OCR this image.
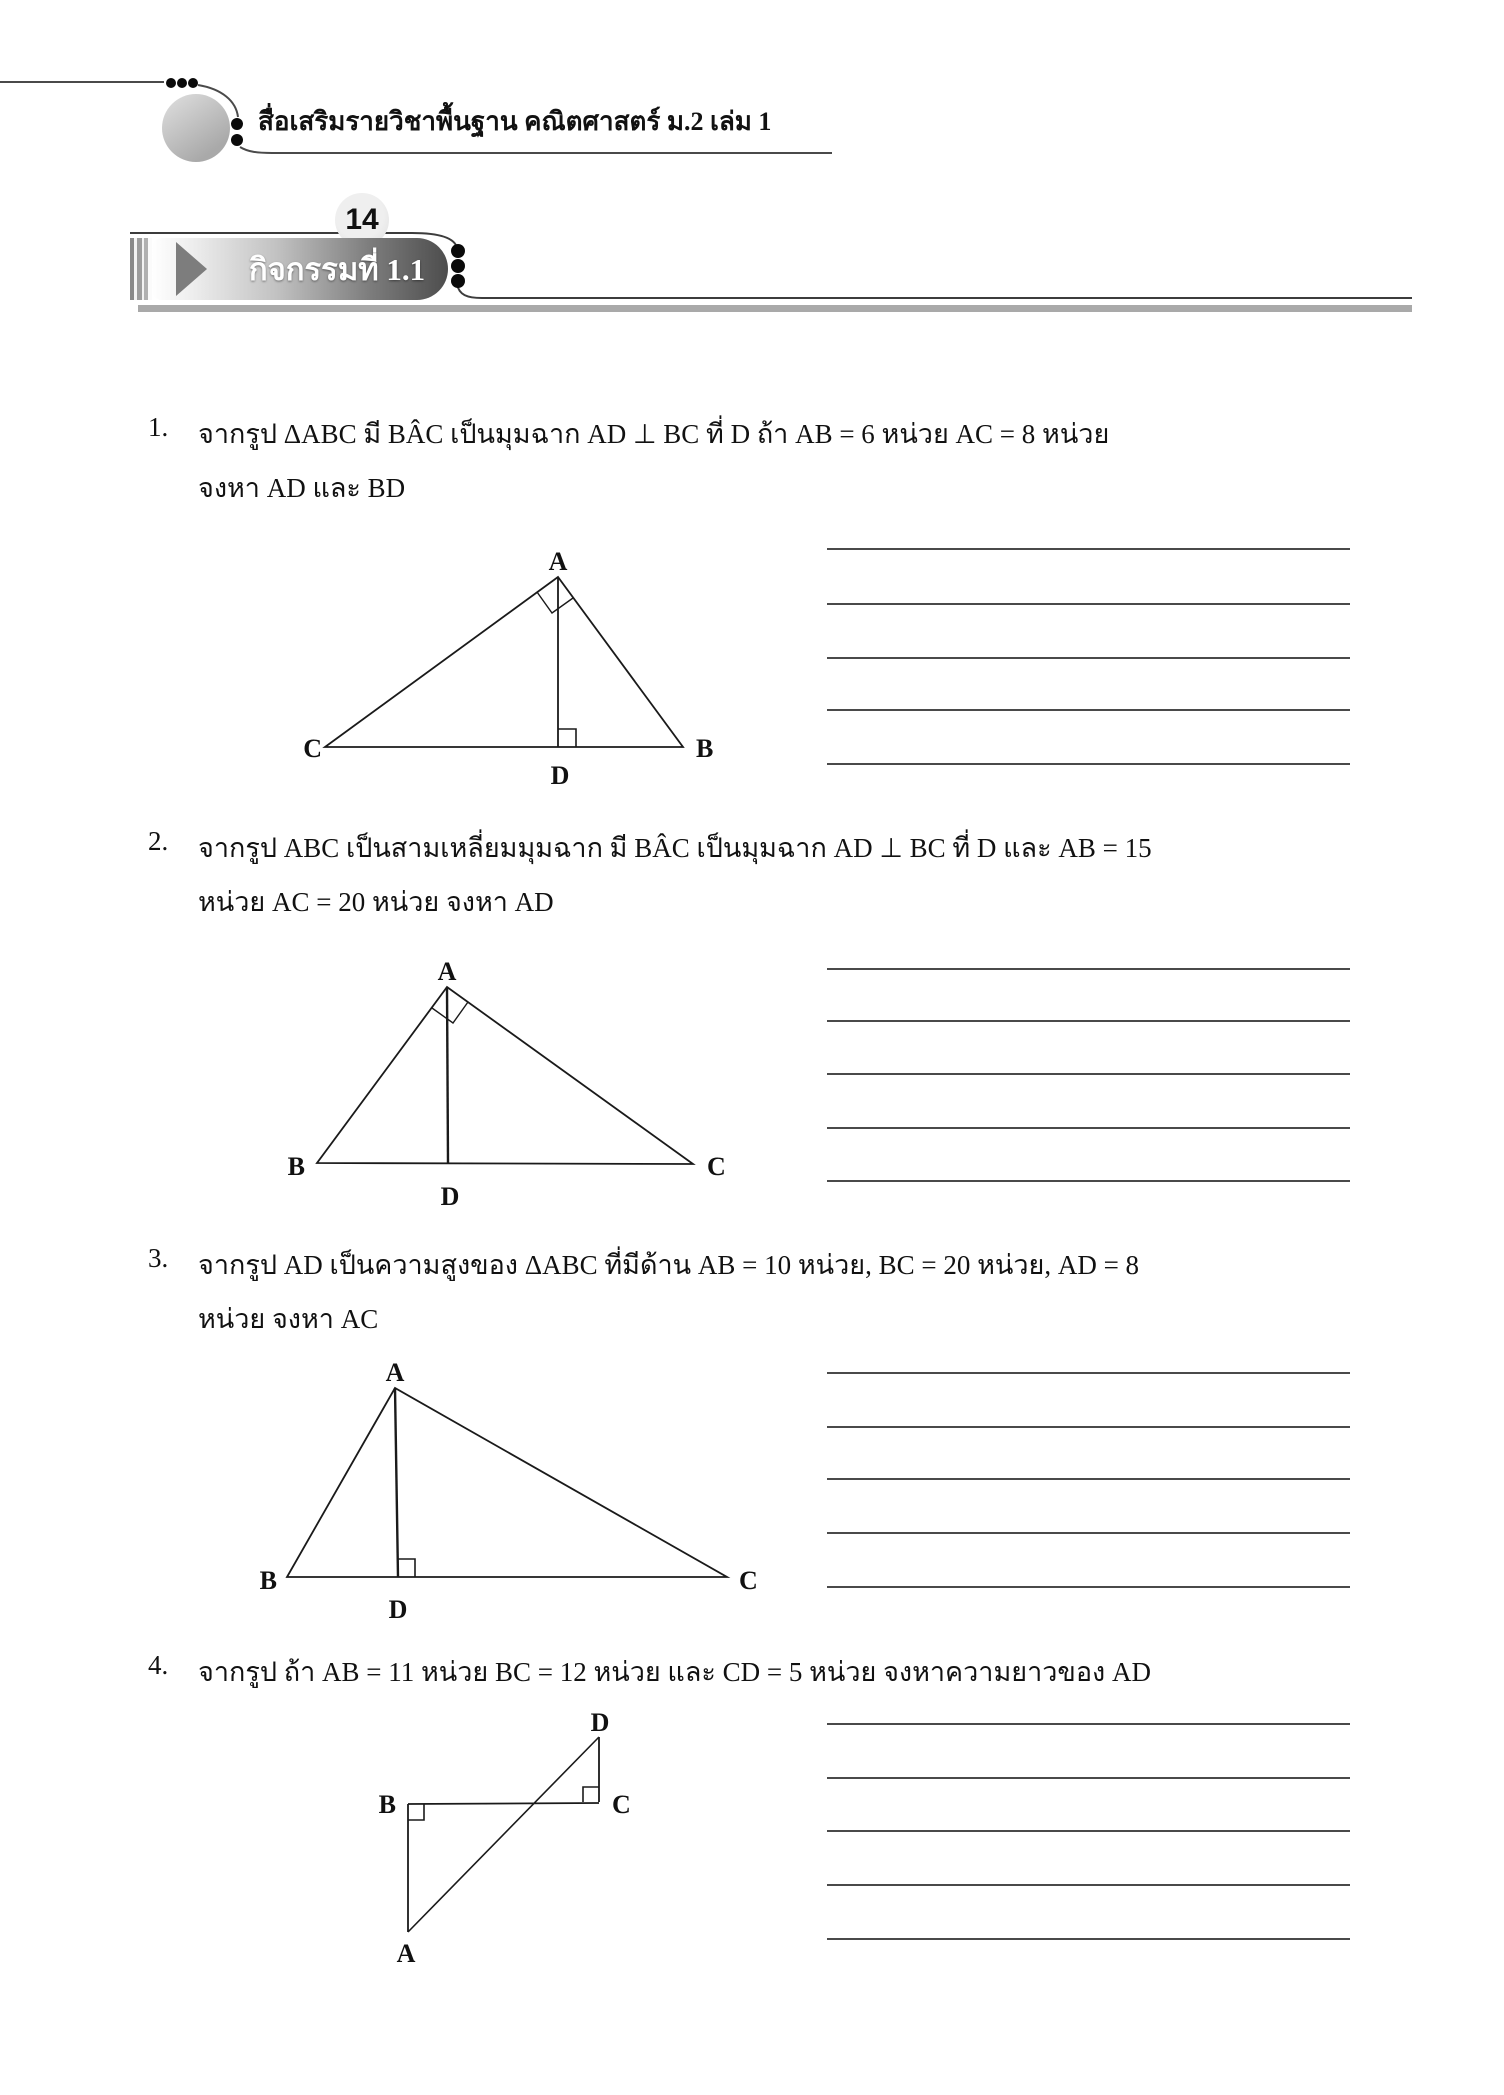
14
สื่อเสริมรายวิชาพื้นฐาน คณิตศาสตร์ ม.2 เล่ม 1
กิจกรรมที่ 1.1
1. จากรูป ΔABC มี BÂC เป็นมุมฉาก AD ⊥ BC ที่ D ถ้า AB = 6 หน่วย AC = 8 หน่วย
จงหา AD และ BD
A
C	B
D
2. จากรูป ABC เป็นสามเหลี่ยมมุมฉาก มี BÂC เป็นมุมฉาก AD ⊥ BC ที่ D และ AB = 15
หน่วย AC = 20 หน่วย จงหา AD
A
B	C
D
3. จากรูป AD เป็นความสูงของ ΔABC ที่มีด้าน AB = 10 หน่วย, BC = 20 หน่วย, AD = 8
หน่วย จงหา AC
A
B	C
D
4. จากรูป ถ้า AB = 11 หน่วย BC = 12 หน่วย และ CD = 5 หน่วย จงหาความยาวของ AD
D
B	C
A
